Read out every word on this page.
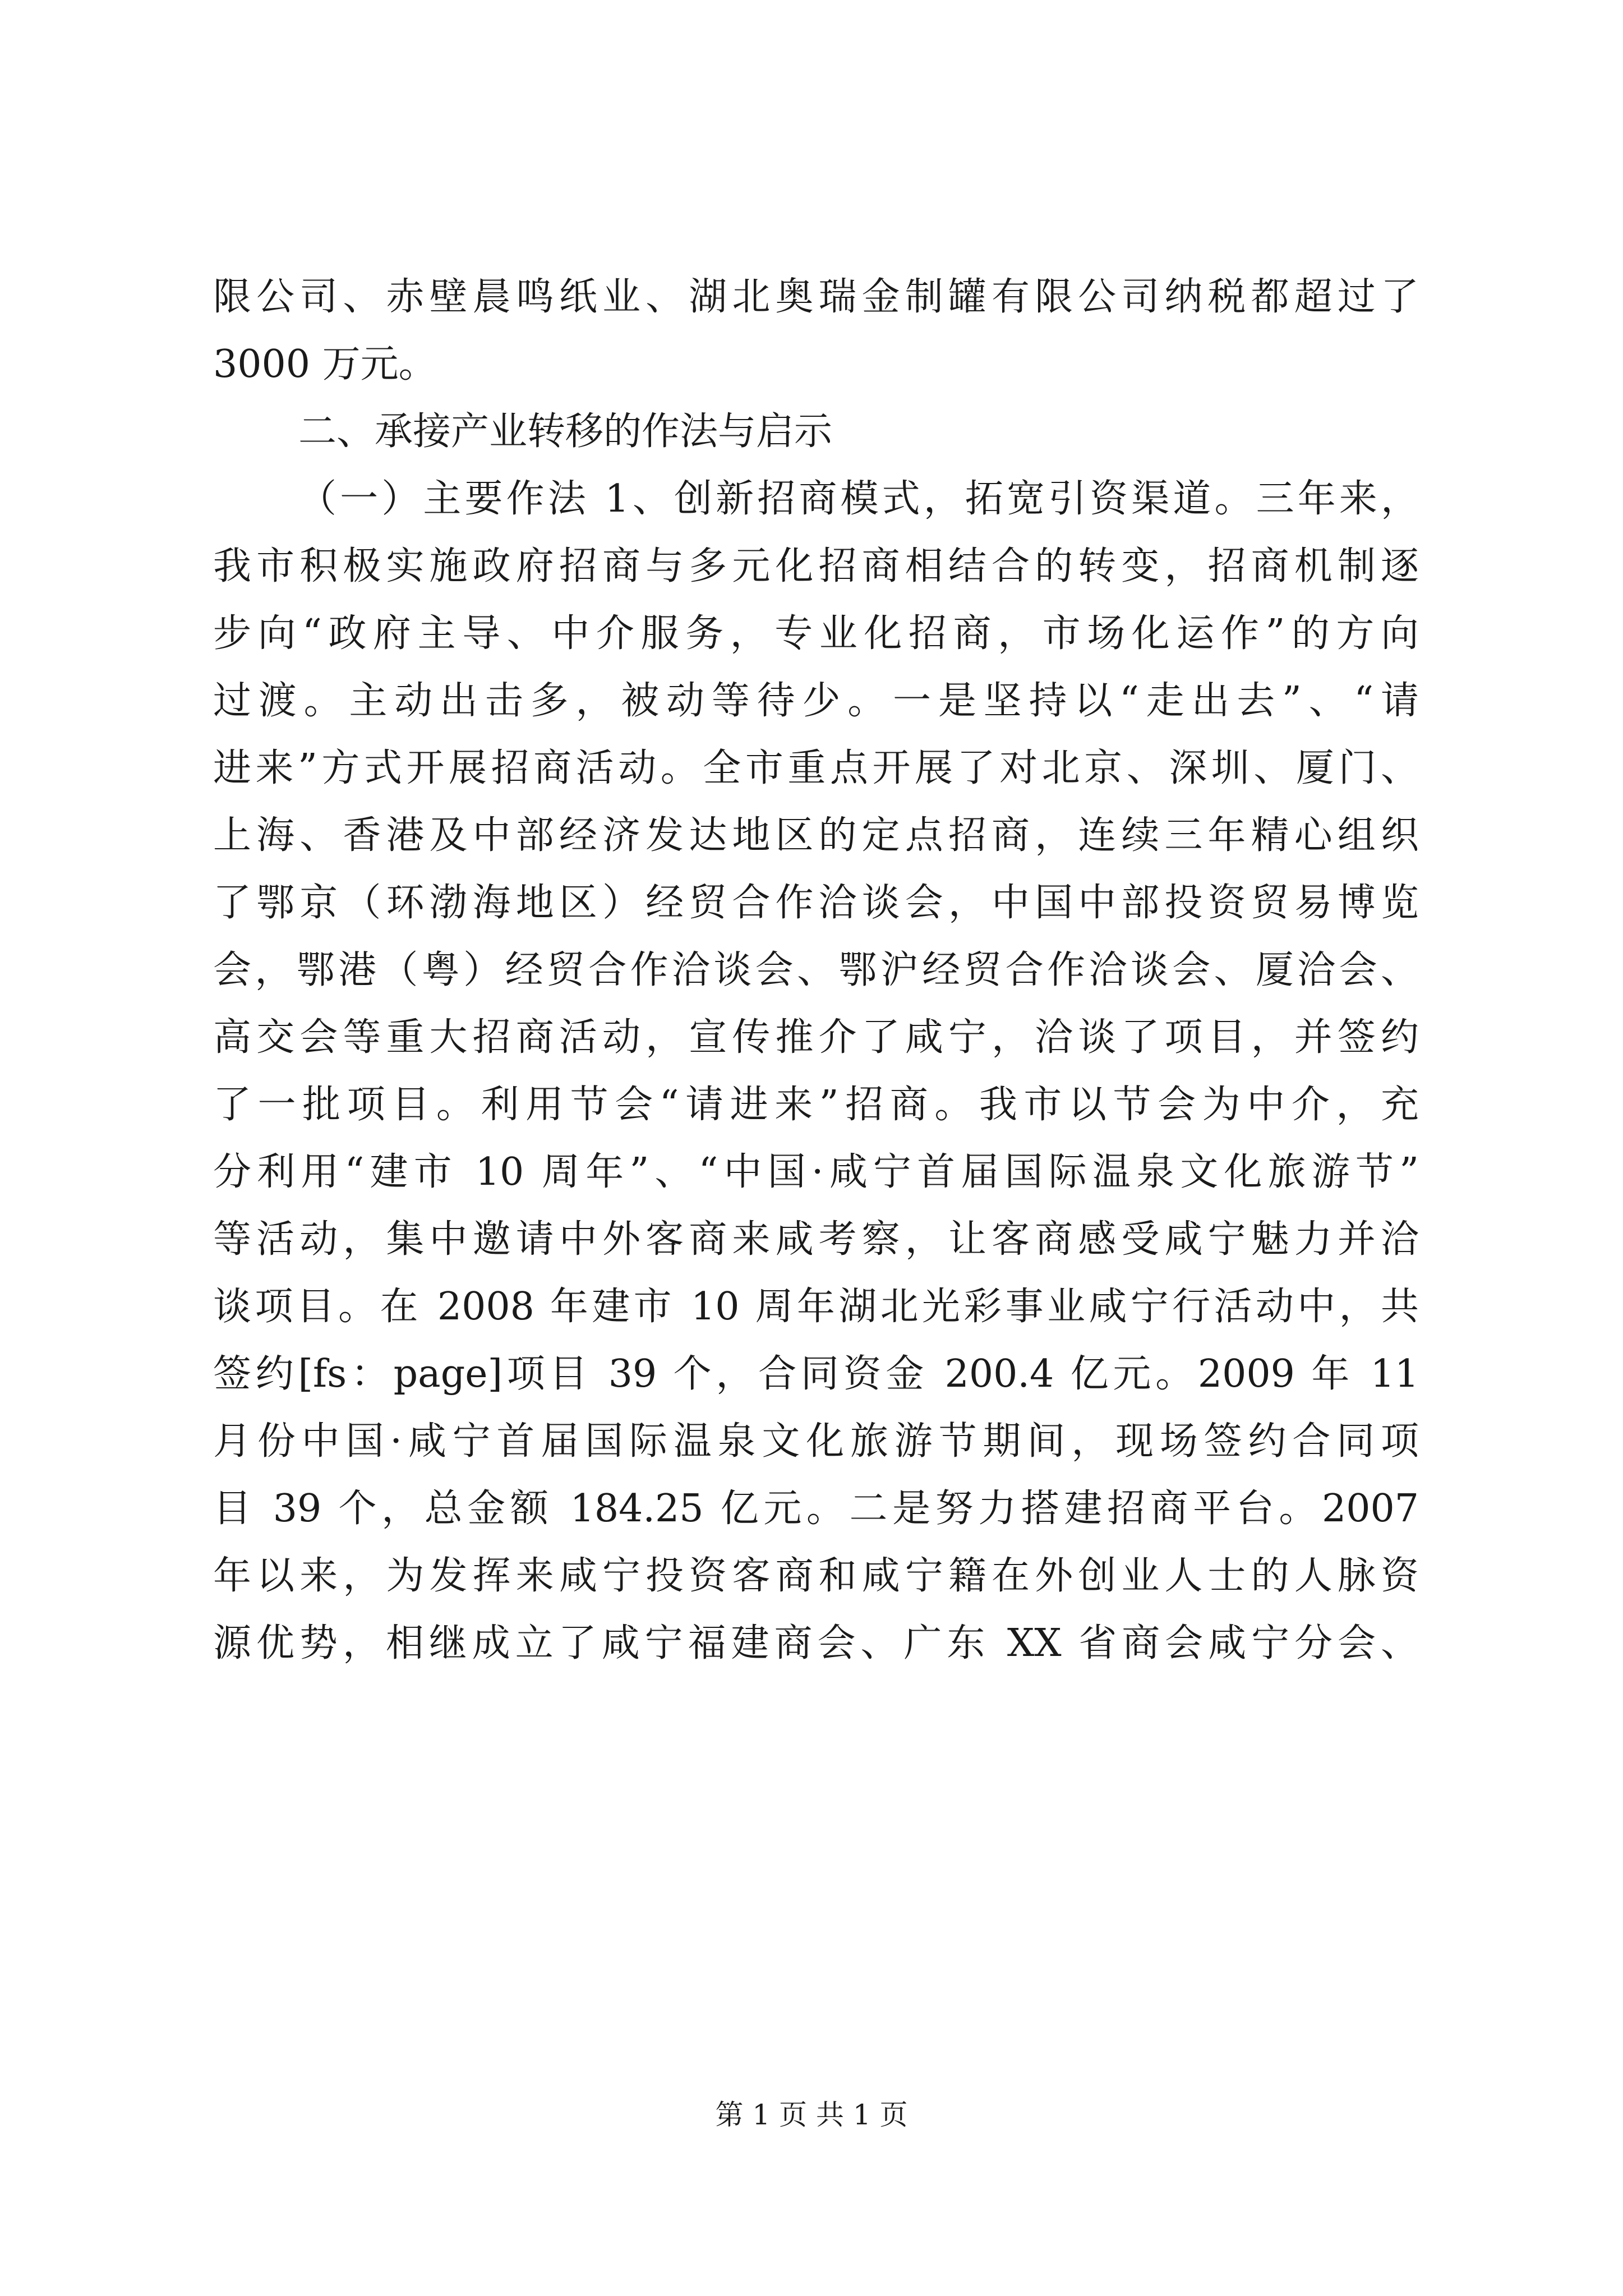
限公司、赤壁晨鸣纸业、湖北奥瑞金制罐有限公司纳税都超过了
3000 万元。
二、承接产业转移的作法与启示
（一）主要作法 1、创新招商模式，拓宽引资渠道。三年来，
我市积极实施政府招商与多元化招商相结合的转变，招商机制逐
步向“政府主导、中介服务，专业化招商，市场化运作”的方向
过渡。主动出击多，被动等待少。一是坚持以“走出去”、“请
进来”方式开展招商活动。全市重点开展了对北京、深圳、厦门、
上海、香港及中部经济发达地区的定点招商，连续三年精心组织
了鄂京（环渤海地区）经贸合作洽谈会，中国中部投资贸易博览
会，鄂港（粤）经贸合作洽谈会、鄂沪经贸合作洽谈会、厦洽会、
高交会等重大招商活动，宣传推介了咸宁，洽谈了项目，并签约
了一批项目。利用节会“请进来”招商。我市以节会为中介，充
分利用“建市 10 周年”、“中国·咸宁首届国际温泉文化旅游节”
等活动，集中邀请中外客商来咸考察，让客商感受咸宁魅力并洽
谈项目。在 2008 年建市 10 周年湖北光彩事业咸宁行活动中，共
签约[fs：page]项目 39 个，合同资金 200.4 亿元。2009 年 11
月份中国·咸宁首届国际温泉文化旅游节期间，现场签约合同项
目 39 个，总金额 184.25 亿元。二是努力搭建招商平台。2007
年以来，为发挥来咸宁投资客商和咸宁籍在外创业人士的人脉资
源优势，相继成立了咸宁福建商会、广东 XX 省商会咸宁分会、
第 1 页 共 1 页
